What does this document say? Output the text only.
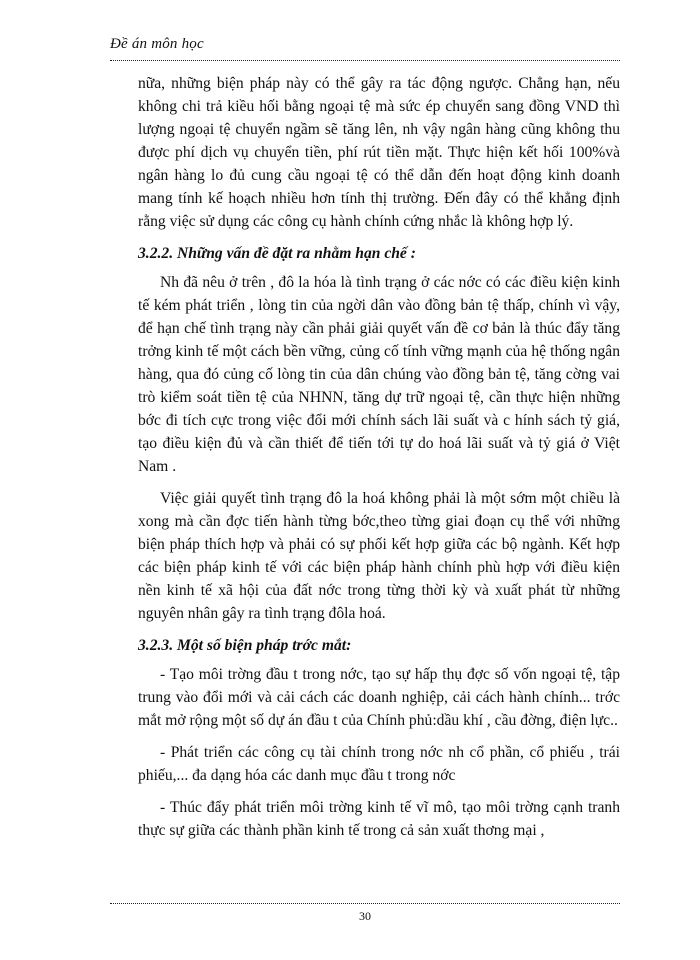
Đề án môn học

nữa, những biện pháp này có thể gây ra tác động ngược. Chẳng hạn, nếu không chi trả kiều hối bằng ngoại tệ mà sức ép chuyển sang đồng VND thì lượng ngoại tệ chuyển ngầm sẽ tăng lên, nh vậy ngân hàng cũng không thu được phí dịch vụ chuyển tiền, phí rút tiền mặt. Thực hiện kết hối 100%và ngân hàng lo đủ cung cầu ngoại tệ có thể dẫn đến hoạt động kinh doanh mang tính kế hoạch nhiều hơn tính thị trường. Đến đây có thể khẳng định rằng việc sử dụng các công cụ hành chính cứng nhắc là không hợp lý.

3.2.2. Những vấn đề đặt ra nhằm hạn chế :

Nh đã nêu ở trên , đô la hóa là tình trạng ở các nớc có các điều kiện kinh tế kém phát triển , lòng tin của ngời dân vào đồng bản tệ thấp, chính vì vậy, để hạn chế tình trạng này cần phải giải quyết vấn đề cơ bản là thúc đẩy tăng trởng kinh tế một cách bền vững, củng cố tính vững mạnh của hệ thống ngân hàng, qua đó củng cố lòng tin của dân chúng vào đồng bản tệ, tăng cờng vai trò kiểm soát tiền tệ của NHNN, tăng dự trữ ngoại tệ, cần thực hiện những bớc đi tích cực trong việc đổi mới chính sách lãi suất và c hính sách tỷ giá, tạo điều kiện đủ và cần thiết để tiến tới tự do hoá lãi suất và tỷ giá ở Việt Nam .

Việc giải quyết tình trạng đô la hoá không phải là một sớm một chiều là xong mà cần đợc tiến hành từng bớc,theo từng giai đoạn cụ thể với những biện pháp thích hợp và phải có sự phối kết hợp giữa các bộ ngành. Kết hợp các biện pháp kinh tế với các biện pháp hành chính phù hợp với điều kiện nền kinh tế xã hội của đất nớc trong từng thời kỳ và xuất phát từ những nguyên nhân gây ra tình trạng đôla hoá.

3.2.3. Một số biện pháp trớc mắt:

- Tạo môi trờng đầu t trong nớc, tạo sự hấp thụ đợc số vốn ngoại tệ, tập trung vào đổi mới và cải cách các doanh nghiệp, cải cách hành chính... trớc mắt mở rộng một số dự án đầu t của Chính phủ:dầu khí , cầu đờng, điện lực..

- Phát triển các công cụ tài chính trong nớc nh cổ phần, cổ phiếu , trái phiếu,... đa dạng hóa các danh mục đầu t trong nớc

- Thúc đẩy phát triển môi trờng kinh tế vĩ mô, tạo môi trờng cạnh tranh thực sự giữa các thành phần kinh tế trong cả sản xuất thơng mại ,

30
